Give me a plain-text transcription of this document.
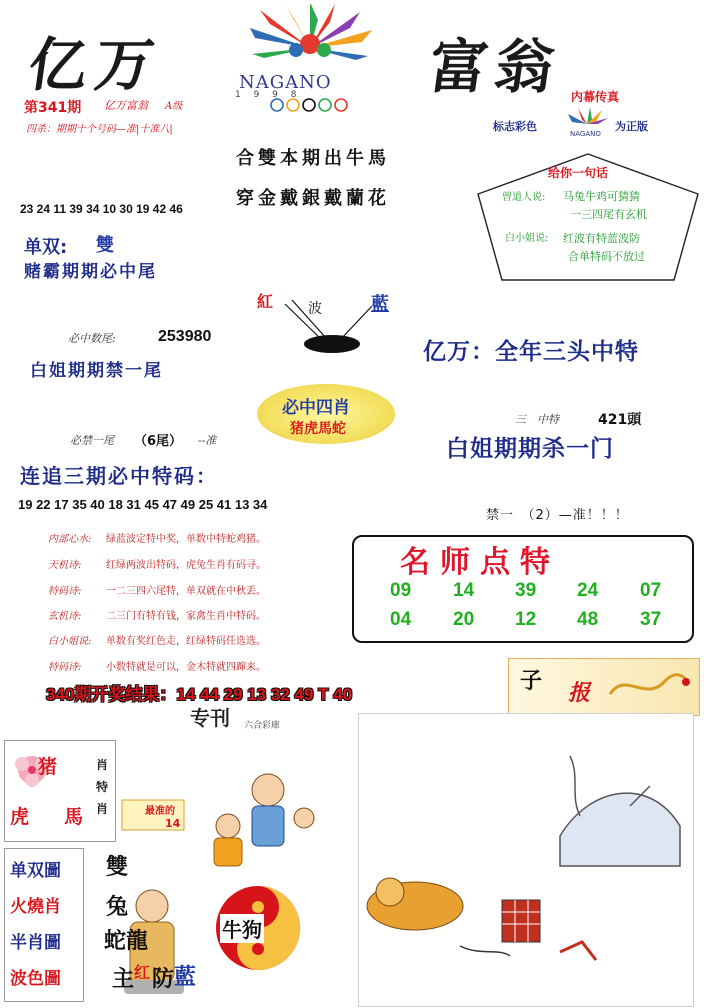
亿万	富翁
NAGANO
1 9 9 8
第341期 亿万富翁 A级
四杀：期期十个号码—准|十准八|
内幕传真
标志彩色
NAGANO
为正版
合雙本期出牛馬
穿金戴銀戴蘭花
给你一句话
曾道人说: 马兔牛鸡可猜猜
一三四尾有玄机
白小姐说: 红波有特蓝波防
合单特码不放过
23 24 11 39 34 10 30 19 42 46
单双: 雙
赌霸期期必中尾
紅 波	藍
必中数尾:	253980
白姐期期禁一尾
亿万：全年三头中特
必中四肖
猪虎馬蛇
三　中特	421頭
必禁一尾 （6尾） --准	白姐期期杀一门
连追三期必中特码：
19 22 17 35 40 18 31 45 47 49 25 41 13 34
禁一　（2）—准！！！
内部心水: 绿蓝波定特中奖，单数中特蛇鸡猪。
天机诗: 红绿两波出特码，虎兔生肖有码寻。
特码诗: 一二三四六尾特，单双就在中秋丢。
玄机诗: 二三门有特有钱，家禽生肖中特码。
白小姐说: 单数有奖红色走，红绿特码任选选。
特码诗: 小数特就是可以，金木特就四蹿来。
名师点特
09 14 39 24 07
04 20 12 48 37
340期开奖结果：14 44 29 13 32 49 T 40
子 报
专刊 六合彩庫
猪
虎 馬
肖特肖	最准的
14
单双圖
火燒肖
半肖圖
波色圖
雙
兔
蛇龍
主 红 防 藍
牛狗
